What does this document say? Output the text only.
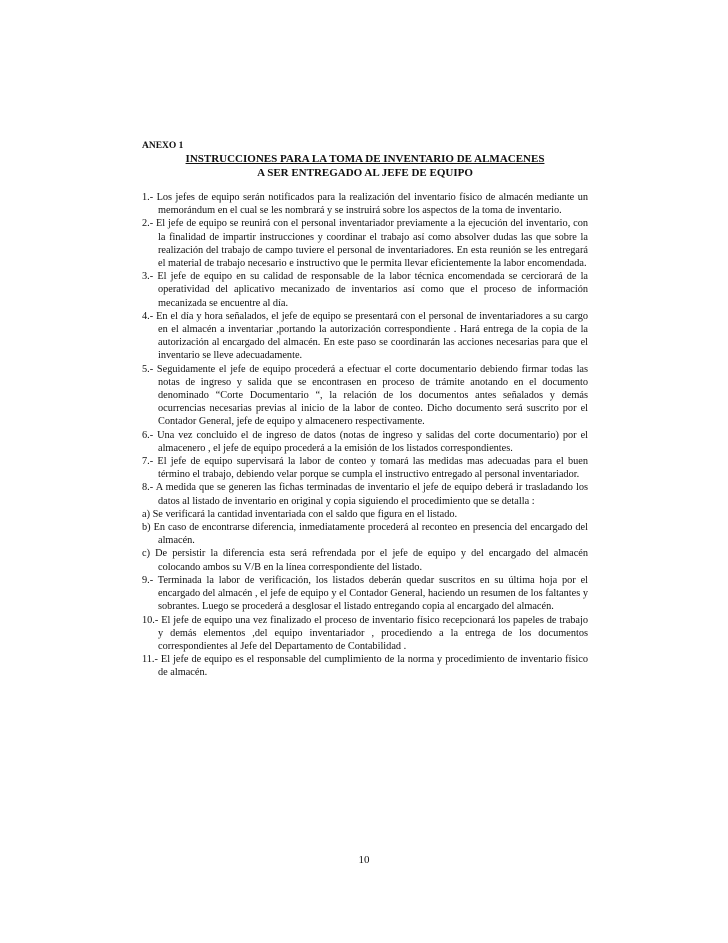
ANEXO 1
INSTRUCCIONES PARA LA TOMA DE INVENTARIO DE ALMACENES
A SER ENTREGADO AL JEFE DE EQUIPO
1.- Los jefes de equipo serán notificados para la realización del inventario físico de almacén mediante un memorándum en el cual se les nombrará y se instruirá sobre los aspectos de la toma de inventario.
2.- El jefe de equipo se reunirá con el personal inventariador previamente a la ejecución del inventario, con la finalidad de impartir instrucciones y coordinar el trabajo así como absolver dudas las que sobre la realización del trabajo de campo tuviere el personal de inventariadores. En esta reunión se les entregará el material de trabajo necesario e instructivo que le permita llevar eficientemente la labor encomendada.
3.- El jefe de equipo en su calidad de responsable de la labor técnica encomendada se cerciorará de la operatividad del aplicativo mecanizado de inventarios así como que el proceso de información mecanizada se encuentre al día.
4.- En el día y hora señalados, el jefe de equipo se presentará con el personal de inventariadores a su cargo en el almacén a inventariar ,portando la autorización correspondiente . Hará entrega de la copia de la autorización al encargado del almacén. En este paso se coordinarán las acciones necesarias para que el inventario se lleve adecuadamente.
5.- Seguidamente el jefe de equipo procederá a efectuar el corte documentario debiendo firmar todas las notas de ingreso y salida que se encontrasen en proceso de trámite anotando en el documento denominado “Corte Documentario “, la relación de los documentos antes señalados y demás ocurrencias necesarias previas al inicio de la labor de conteo. Dicho documento será suscrito por el Contador General, jefe de equipo y almacenero respectivamente.
6.- Una vez concluido el de ingreso de datos (notas de ingreso y salidas del corte documentario) por el almacenero , el jefe de equipo procederá a la emisión de los listados correspondientes.
7.- El jefe de equipo supervisará la labor de conteo y tomará las medidas mas adecuadas para el buen término el trabajo, debiendo velar porque se cumpla el instructivo entregado al personal inventariador.
8.- A medida que se generen las fichas terminadas de inventario el jefe de equipo deberá ir trasladando los datos al listado de inventario en original y copia siguiendo el procedimiento que se detalla :
a) Se verificará la cantidad inventariada con el saldo que figura en el listado.
b) En caso de encontrarse diferencia, inmediatamente procederá al reconteo en presencia del encargado del almacén.
c) De persistir la diferencia esta será refrendada por el jefe de equipo y del encargado del almacén colocando ambos su V/B en la línea correspondiente del listado.
9.- Terminada la labor de verificación, los listados deberán quedar suscritos en su última hoja por el encargado del almacén , el jefe de equipo y el Contador General, haciendo un resumen de los faltantes y sobrantes. Luego se procederá a desglosar el listado entregando copia al encargado del almacén.
10.- El jefe de equipo una vez finalizado el proceso de inventario físico recepcionará los papeles de trabajo y demás elementos ,del equipo inventariador , procediendo a la entrega de los documentos correspondientes al Jefe del Departamento de Contabilidad .
11.- El jefe de equipo es el responsable del cumplimiento de la norma y procedimiento de inventario físico de almacén.
10
